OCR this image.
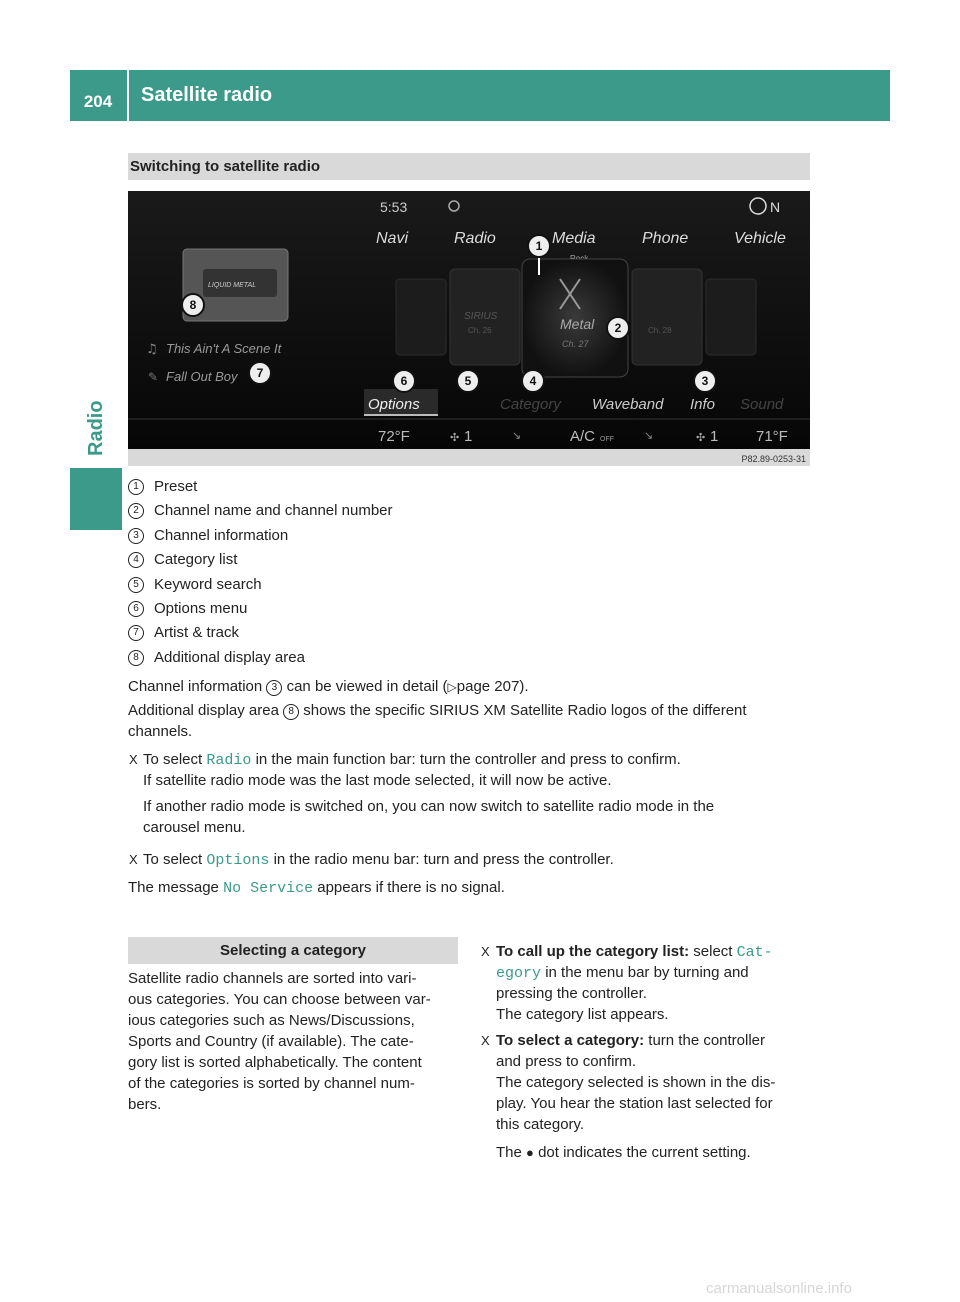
204	Satellite radio
Radio
Switching to satellite radio
5:53	N
Navi	Radio	Media	Phone	Vehicle
LIQUID METAL
SIRIUS
Ch. 26	Metal
Ch. 27
Ch. 28
♫ This Ain't A Scene It
✎ Fall Out Boy
Options	Category Waveband Info Sound
72°F	✣ 1	↘	A/C OFF	↘	✣ 1	71°F
P82.89-0253-31
1
2
3
4
5
6
7
8
1	Preset
2	Channel name and channel number
3	Channel information
4	Category list
5	Keyword search
6	Options menu
7	Artist & track
8	Additional display area
Channel information 3 can be viewed in detail (▷page 207).
Additional display area 8 shows the specific SIRIUS XM Satellite Radio logos of the different
channels.
X To select Radio in the main function bar: turn the controller and press to confirm.
If satellite radio mode was the last mode selected, it will now be active.
If another radio mode is switched on, you can now switch to satellite radio mode in the
carousel menu.
X To select Options in the radio menu bar: turn and press the controller.
The message No Service appears if there is no signal.
Selecting a category
Satellite radio channels are sorted into vari-
ous categories. You can choose between var-
ious categories such as News/Discussions,
Sports and Country (if available). The cate-
gory list is sorted alphabetically. The content
of the categories is sorted by channel num-
bers.
X To call up the category list: select Cat‐
egory in the menu bar by turning and
pressing the controller.
The category list appears.
X To select a category: turn the controller
and press to confirm.
The category selected is shown in the dis-
play. You hear the station last selected for
this category.
The ● dot indicates the current setting.
carmanualsonline.info
